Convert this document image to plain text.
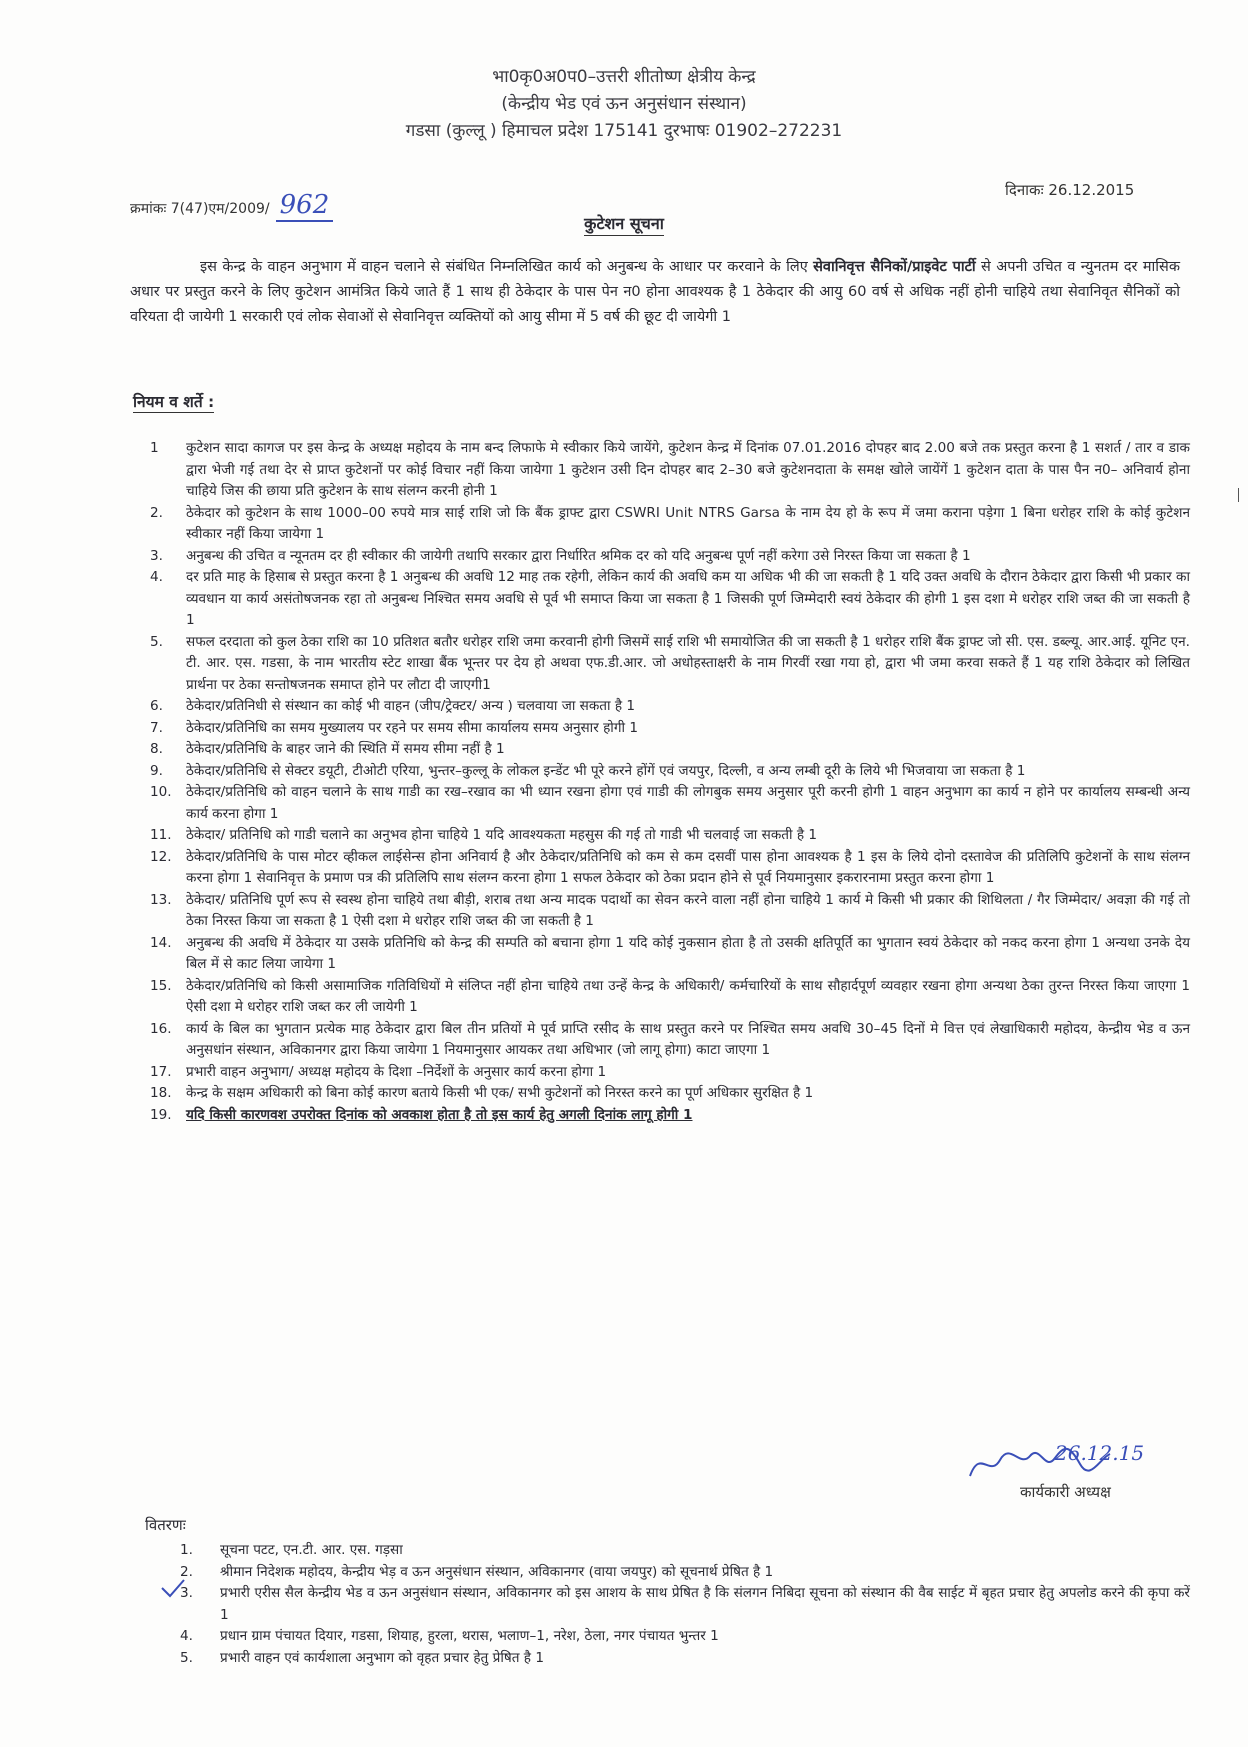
भा0कृ0अ0प0–उत्तरी शीतोष्ण क्षेत्रीय केन्द्र
(केन्द्रीय भेड एवं ऊन अनुसंधान संस्थान)
गडसा (कुल्लू ) हिमाचल प्रदेश 175141 दुरभाषः 01902–272231
क्रमांकः 7(47)एम/2009/ 962	दिनाकः 26.12.2015
कुटेशन सूचना
इस केन्द्र के वाहन अनुभाग में वाहन चलाने से संबंधित निम्नलिखित कार्य को अनुबन्ध के आधार पर करवाने के लिए सेवानिवृत्त सैनिकों/प्राइवेट पार्टी से अपनी उचित व न्युनतम दर मासिक अधार पर प्रस्तुत करने के लिए कुटेशन आमंत्रित किये जाते हैं 1 साथ ही ठेकेदार के पास पेन न0 होना आवश्यक है 1 ठेकेदार की आयु 60 वर्ष से अधिक नहीं होनी चाहिये तथा सेवानिवृत सैनिकों को वरियता दी जायेगी 1 सरकारी एवं लोक सेवाओं से सेवानिवृत्त व्यक्तियों को आयु सीमा में 5 वर्ष की छूट दी जायेगी 1
नियम व शर्ते :
1	कुटेशन सादा कागज पर इस केन्द्र के अध्यक्ष महोदय के नाम बन्द लिफाफे मे स्वीकार किये जायेंगे, कुटेशन केन्द्र में दिनांक 07.01.2016 दोपहर बाद 2.00 बजे तक प्रस्तुत करना है 1 सशर्त / तार व डाक द्वारा भेजी गई तथा देर से प्राप्त कुटेशनों पर कोई विचार नहीं किया जायेगा 1 कुटेशन उसी दिन दोपहर बाद 2–30 बजे कुटेशनदाता के समक्ष खोले जायेंगें 1 कुटेशन दाता के पास पैन न0– अनिवार्य होना चाहिये जिस की छाया प्रति कुटेशन के साथ संलग्न करनी होनी 1
2.	ठेकेदार को कुटेशन के साथ 1000–00 रुपये मात्र साई राशि जो कि बैंक ड्राफ्ट द्वारा CSWRI Unit NTRS Garsa के नाम देय हो के रूप में जमा कराना पड़ेगा 1 बिना धरोहर राशि के कोई कुटेशन स्वीकार नहीं किया जायेगा 1
3.	अनुबन्ध की उचित व न्यूनतम दर ही स्वीकार की जायेगी तथापि सरकार द्वारा निर्धारित श्रमिक दर को यदि अनुबन्ध पूर्ण नहीं करेगा उसे निरस्त किया जा सकता है 1
4.	दर प्रति माह के हिसाब से प्रस्तुत करना है 1 अनुबन्ध की अवधि 12 माह तक रहेगी, लेकिन कार्य की अवधि कम या अधिक भी की जा सकती है 1 यदि उक्त अवधि के दौरान ठेकेदार द्वारा किसी भी प्रकार का व्यवधान या कार्य असंतोषजनक रहा तो अनुबन्ध निश्चित समय अवधि से पूर्व भी समाप्त किया जा सकता है 1 जिसकी पूर्ण जिम्मेदारी स्वयं ठेकेदार की होगी 1 इस दशा मे धरोहर राशि जब्त की जा सकती है 1
5.	सफल दरदाता को कुल ठेका राशि का 10 प्रतिशत बतौर धरोहर राशि जमा करवानी होगी जिसमें साई राशि भी समायोजित की जा सकती है 1 धरोहर राशि बैंक ड्राफ्ट जो सी. एस. डब्ल्यू. आर.आई. यूनिट एन. टी. आर. एस. गडसा, के नाम भारतीय स्टेट शाखा बैंक भून्तर पर देय हो अथवा एफ.डी.आर. जो अधोहस्ताक्षरी के नाम गिरवीं रखा गया हो, द्वारा भी जमा करवा सकते हैं 1 यह राशि ठेकेदार को लिखित प्रार्थना पर ठेका सन्तोषजनक समाप्त होने पर लौटा दी जाएगी1
6.	ठेकेदार/प्रतिनिधी से संस्थान का कोई भी वाहन (जीप/ट्रेक्टर/ अन्य ) चलवाया जा सकता है 1
7.	ठेकेदार/प्रतिनिधि का समय मुख्यालय पर रहने पर समय सीमा कार्यालय समय अनुसार होगी 1
8.	ठेकेदार/प्रतिनिधि के बाहर जाने की स्थिति में समय सीमा नहीं है 1
9.	ठेकेदार/प्रतिनिधि से सेक्टर डयूटी, टीओटी एरिया, भुन्तर–कुल्लू के लोकल इन्डेंट भी पूरे करने होंगें एवं जयपुर, दिल्ली, व अन्य लम्बी दूरी के लिये भी भिजवाया जा सकता है 1
10.	ठेकेदार/प्रतिनिधि को वाहन चलाने के साथ गाडी का रख–रखाव का भी ध्यान रखना होगा एवं गाडी की लोगबुक समय अनुसार पूरी करनी होगी 1 वाहन अनुभाग का कार्य न होने पर कार्यालय सम्बन्धी अन्य कार्य करना होगा 1
11.	ठेकेदार/ प्रतिनिधि को गाडी चलाने का अनुभव होना चाहिये 1 यदि आवश्यकता महसुस की गई तो गाडी भी चलवाई जा सकती है 1
12.	ठेकेदार/प्रतिनिधि के पास मोटर व्हीकल लाईसेन्स होना अनिवार्य है और ठेकेदार/प्रतिनिधि को कम से कम दसवीं पास होना आवश्यक है 1 इस के लिये दोनो दस्तावेज की प्रतिलिपि कुटेशनों के साथ संलग्न करना होगा 1 सेवानिवृत्त के प्रमाण पत्र की प्रतिलिपि साथ संलग्न करना होगा 1 सफल ठेकेदार को ठेका प्रदान होने से पूर्व नियमानुसार इकरारनामा प्रस्तुत करना होगा 1
13.	ठेकेदार/ प्रतिनिधि पूर्ण रूप से स्वस्थ होना चाहिये तथा बीड़ी, शराब तथा अन्य मादक पदार्थो का सेवन करने वाला नहीं होना चाहिये 1 कार्य मे किसी भी प्रकार की शिथिलता / गैर जिम्मेदार/ अवज्ञा की गई तो ठेका निरस्त किया जा सकता है 1 ऐसी दशा मे धरोहर राशि जब्त की जा सकती है 1
14.	अनुबन्ध की अवधि में ठेकेदार या उसके प्रतिनिधि को केन्द्र की सम्पति को बचाना होगा 1 यदि कोई नुकसान होता है तो उसकी क्षतिपूर्ति का भुगतान स्वयं ठेकेदार को नकद करना होगा 1 अन्यथा उनके देय बिल में से काट लिया जायेगा 1
15.	ठेकेदार/प्रतिनिधि को किसी असामाजिक गतिविधियों मे संलिप्त नहीं होना चाहिये तथा उन्हें केन्द्र के अधिकारी/ कर्मचारियों के साथ सौहार्दपूर्ण व्यवहार रखना होगा अन्यथा ठेका तुरन्त निरस्त किया जाएगा 1 ऐसी दशा मे धरोहर राशि जब्त कर ली जायेगी 1
16.	कार्य के बिल का भुगतान प्रत्येक माह ठेकेदार द्वारा बिल तीन प्रतियों मे पूर्व प्राप्ति रसीद के साथ प्रस्तुत करने पर निश्चित समय अवधि 30–45 दिनों मे वित्त एवं लेखाधिकारी महोदय, केन्द्रीय भेड व ऊन अनुसधांन संस्थान, अविकानगर द्वारा किया जायेगा 1 नियमानुसार आयकर तथा अधिभार (जो लागू होगा) काटा जाएगा 1
17.	प्रभारी वाहन अनुभाग/ अध्यक्ष महोदय के दिशा –निर्देशों के अनुसार कार्य करना होगा 1
18.	केन्द्र के सक्षम अधिकारी को बिना कोई कारण बताये किसी भी एक/ सभी कुटेशनों को निरस्त करने का पूर्ण अधिकार सुरक्षित है 1
19.	यदि किसी कारणवश उपरोक्त दिनांक को अवकाश होता है तो इस कार्य हेतु अगली दिनांक लागू होगी 1
26.12.15
कार्यकारी अध्यक्ष
वितरणः
1.	सूचना पटट, एन.टी. आर. एस. गड़सा
2.	श्रीमान निदेशक महोदय, केन्द्रीय भेड़ व ऊन अनुसंधान संस्थान, अविकानगर (वाया जयपुर) को सूचनार्थ प्रेषित है 1
3.	प्रभारी एरीस सैल केन्द्रीय भेड व ऊन अनुसंधान संस्थान, अविकानगर को इस आशय के साथ प्रेषित है कि संलगन निबिदा सूचना को संस्थान की वैब साईट में बृहत प्रचार हेतु अपलोड करने की कृपा करें 1
4.	प्रधान ग्राम पंचायत दियार, गडसा, शियाह, हुरला, थरास, भलाण–1, नरेश, ठेला, नगर पंचायत भुन्तर 1
5.	प्रभारी वाहन एवं कार्यशाला अनुभाग को वृहत प्रचार हेतु प्रेषित है 1
